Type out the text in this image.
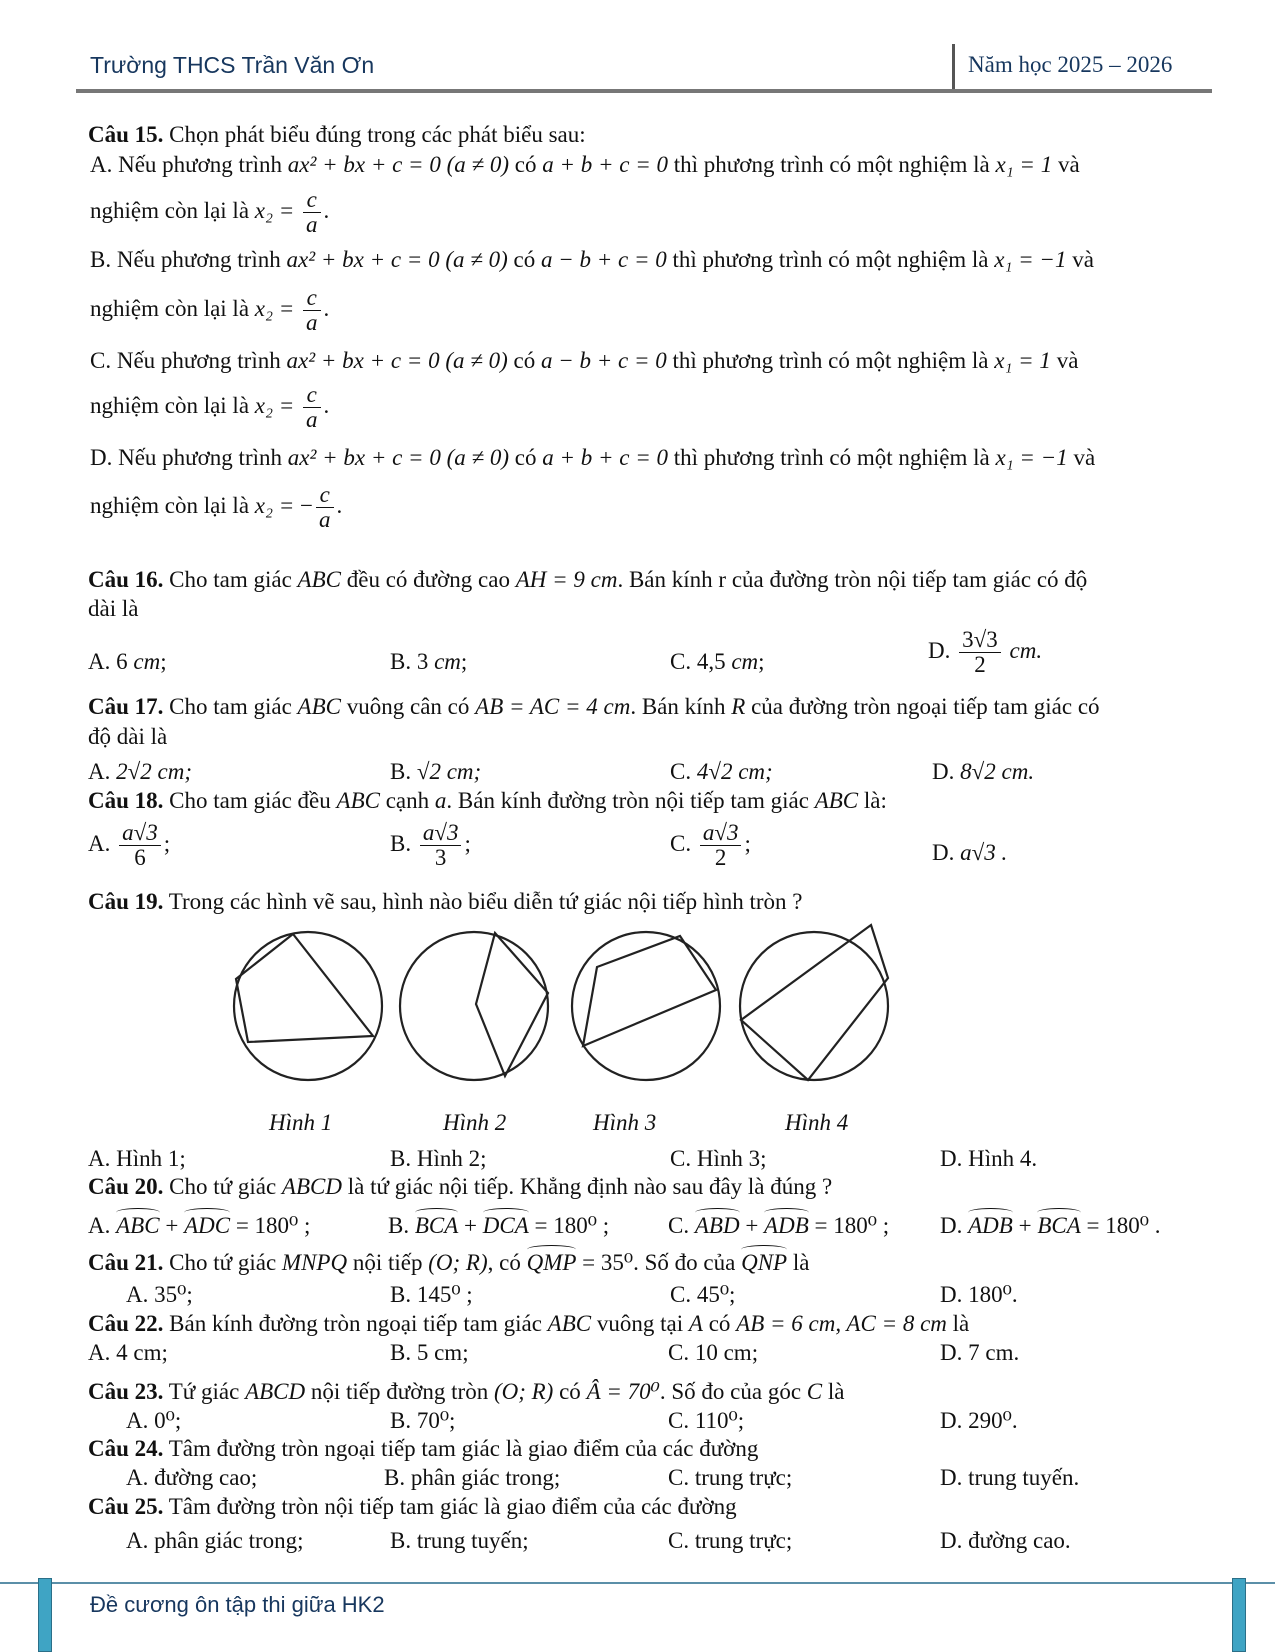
Trường THCS Trần Văn Ơn	Năm học 2025 – 2026
Câu 15. Chọn phát biểu đúng trong các phát biểu sau:
A. Nếu phương trình ax² + bx + c = 0 (a ≠ 0) có a + b + c = 0 thì phương trình có một nghiệm là x₁ = 1 và
nghiệm còn lại là $x_2 = \frac{c}{a}$ .
B. Nếu phương trình ax² + bx + c = 0 (a ≠ 0) có a − b + c = 0 thì phương trình có một nghiệm là x₁ = −1 và
nghiệm còn lại là $x_2 = \frac{c}{a}$ .
C. Nếu phương trình ax² + bx + c = 0 (a ≠ 0) có a − b + c = 0 thì phương trình có một nghiệm là x₁ = 1 và
nghiệm còn lại là $x_2 = \frac{c}{a}$ .
D. Nếu phương trình ax² + bx + c = 0 (a ≠ 0) có a + b + c = 0 thì phương trình có một nghiệm là x₁ = −1 và
nghiệm còn lại là x₂ = − $\frac{c}{a}$ .
Câu 16. Cho tam giác ABC đều có đường cao AH = 9 cm. Bán kính r của đường tròn nội tiếp tam giác có độ
dài là
A. 6 cm;	B. 3 cm;	C. 4,5 cm;	D. $\frac{3√3}{2}$ cm.
Câu 17. Cho tam giác ABC vuông cân có AB = AC = 4 cm. Bán kính R của đường tròn ngoại tiếp tam giác có
độ dài là
A. 2√2 cm;	B. √2 cm;	C. 4√2 cm;	D. 8√2 cm.
Câu 18. Cho tam giác đều ABC cạnh a. Bán kính đường tròn nội tiếp tam giác ABC là:
A. $\frac{a√3}{6}$ ;	B. $\frac{a√3}{3}$ ;	C. $\frac{a√3}{2}$ ;	D. a√3 .
Câu 19. Trong các hình vẽ sau, hình nào biểu diễn tứ giác nội tiếp hình tròn ?
Hình 1	Hình 2	Hình 3	Hình 4
A. Hình 1;	B. Hình 2;	C. Hình 3;	D. Hình 4.
Câu 20. Cho tứ giác ABCD là tứ giác nội tiếp. Khẳng định nào sau đây là đúng ?
A. ABC + ADC = 180⁰ ;	B. BCA + DCA = 180⁰ ;	C. ABD + ADB = 180⁰ ; D. ADB + BCA = 180⁰ .
Câu 21. Cho tứ giác MNPQ nội tiếp (O; R), có QMP = 35⁰. Số đo của QNP là
A. 35⁰;	B. 145⁰ ;	C. 45⁰;	D. 180⁰.
Câu 22. Bán kính đường tròn ngoại tiếp tam giác ABC vuông tại A có AB = 6 cm, AC = 8 cm là
A. 4 cm;	B. 5 cm;	C. 10 cm;	D. 7 cm.
Câu 23. Tứ giác ABCD nội tiếp đường tròn (O; R) có Â = 70⁰. Số đo của góc C là
A. 0⁰;	B. 70⁰;	C. 110⁰;	D. 290⁰.
Câu 24. Tâm đường tròn ngoại tiếp tam giác là giao điểm của các đường
A. đường cao;	B. phân giác trong;	C. trung trực;	D. trung tuyến.
Câu 25. Tâm đường tròn nội tiếp tam giác là giao điểm của các đường
A. phân giác trong;	B. trung tuyến;	C. trung trực;	D. đường cao.
Đề cương ôn tập thi giữa HK2
